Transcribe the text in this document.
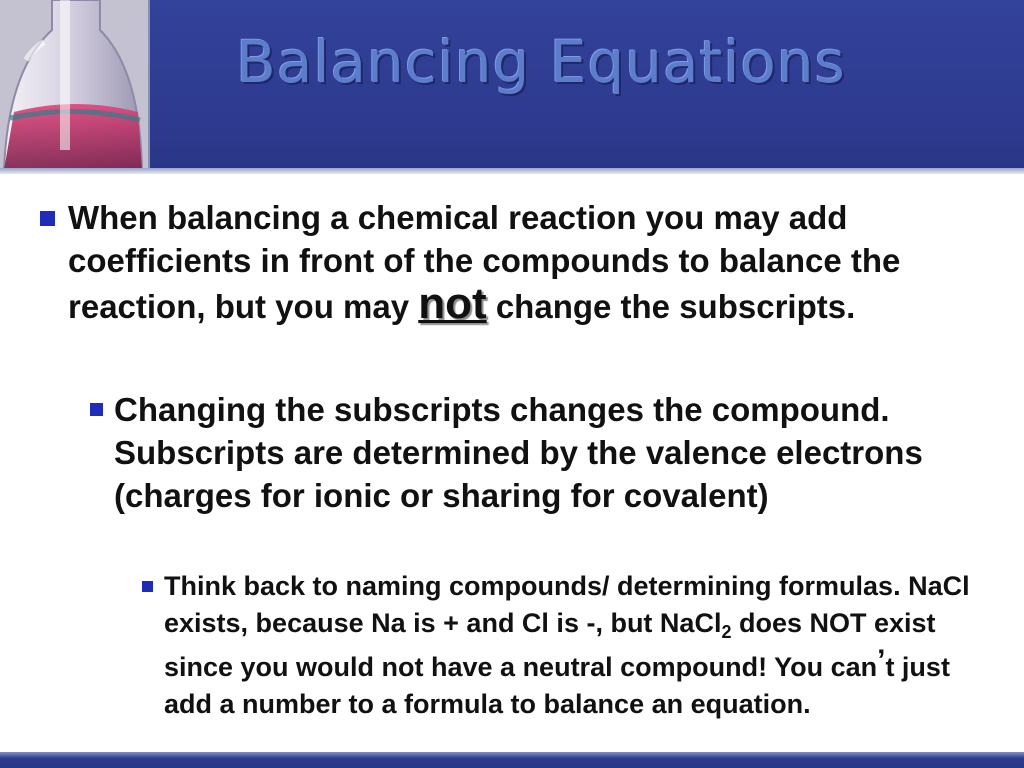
Balancing Equations
When balancing a chemical reaction you may add coefficients in front of the compounds to balance the reaction, but you may not change the subscripts.
Changing the subscripts changes the compound. Subscripts are determined by the valence electrons (charges for ionic or sharing for covalent)
Think back to naming compounds/ determining formulas. NaCl exists, because Na is + and Cl is -, but NaCl$_2$ does NOT exist since you would not have a neutral compound! You can’t just add a number to a formula to balance an equation.
